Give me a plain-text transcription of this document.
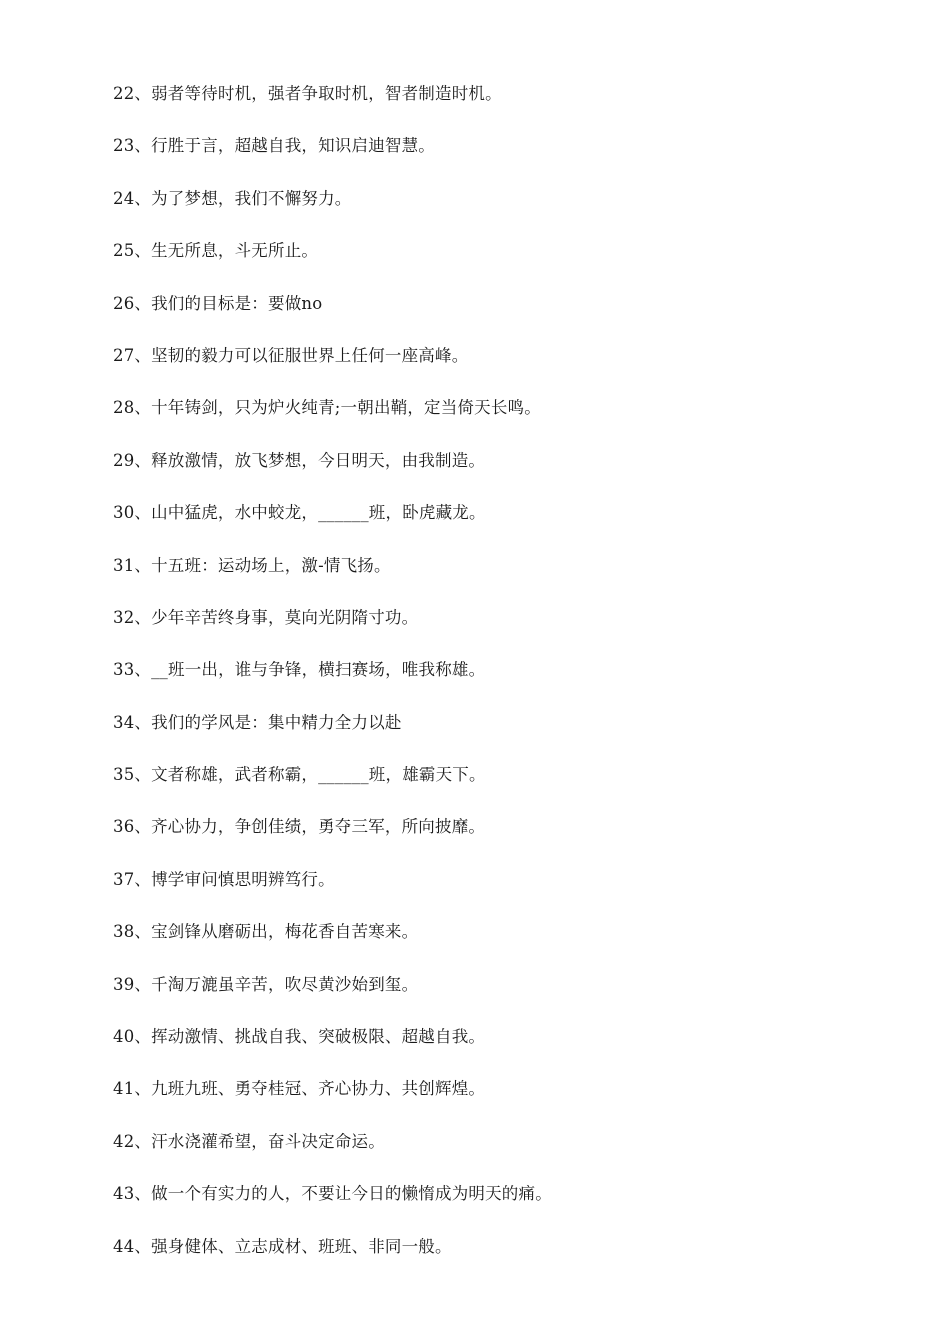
22、弱者等待时机，强者争取时机，智者制造时机。
23、行胜于言，超越自我，知识启迪智慧。
24、为了梦想，我们不懈努力。
25、生无所息，斗无所止。
26、我们的目标是：要做no
27、坚韧的毅力可以征服世界上任何一座高峰。
28、十年铸剑，只为炉火纯青;一朝出鞘，定当倚天长鸣。
29、释放激情，放飞梦想，今日明天，由我制造。
30、山中猛虎，水中蛟龙，______班，卧虎藏龙。
31、十五班：运动场上，激-情飞扬。
32、少年辛苦终身事，莫向光阴隋寸功。
33、__班一出，谁与争锋，横扫赛场，唯我称雄。
34、我们的学风是：集中精力全力以赴
35、文者称雄，武者称霸，______班，雄霸天下。
36、齐心协力，争创佳绩，勇夺三军，所向披靡。
37、博学审问慎思明辨笃行。
38、宝剑锋从磨砺出，梅花香自苦寒来。
39、千淘万漉虽辛苦，吹尽黄沙始到玺。
40、挥动激情、挑战自我、突破极限、超越自我。
41、九班九班、勇夺桂冠、齐心协力、共创辉煌。
42、汗水浇灌希望，奋斗决定命运。
43、做一个有实力的人，不要让今日的懒惰成为明天的痛。
44、强身健体、立志成材、班班、非同一般。
